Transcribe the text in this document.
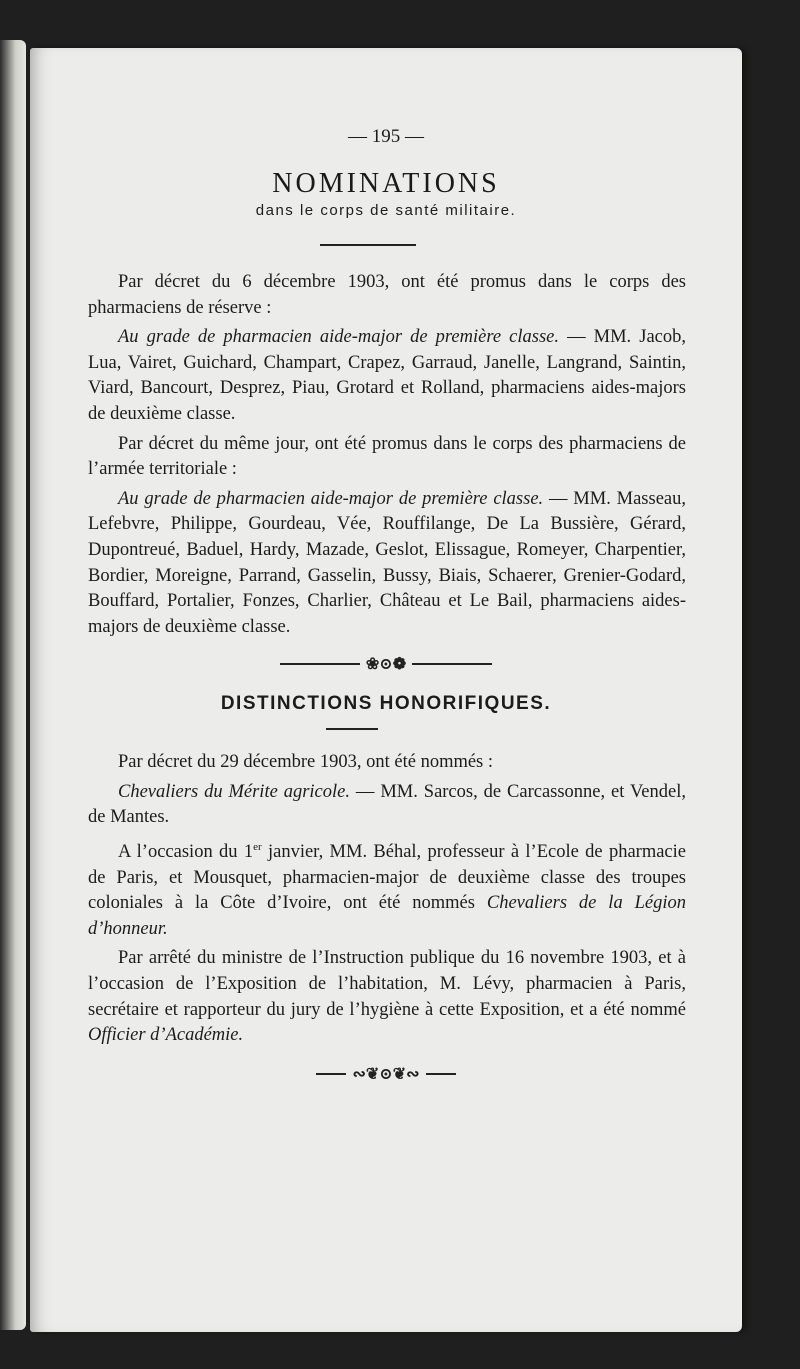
— 195 —
NOMINATIONS
dans le corps de santé militaire.

Par décret du 6 décembre 1903, ont été promus dans le corps des pharmaciens de réserve :

Au grade de pharmacien aide-major de première classe. — MM. Jacob, Lua, Vairet, Guichard, Champart, Crapez, Garraud, Janelle, Langrand, Saintin, Viard, Bancourt, Desprez, Piau, Grotard et Rolland, pharmaciens aides-majors de deuxième classe.

Par décret du même jour, ont été promus dans le corps des pharmaciens de l’armée territoriale :

Au grade de pharmacien aide-major de première classe. — MM. Masseau, Lefebvre, Philippe, Gourdeau, Vée, Rouffilange, De La Bussière, Gérard, Dupontreué, Baduel, Hardy, Mazade, Geslot, Elissague, Romeyer, Charpentier, Bordier, Moreigne, Parrand, Gasselin, Bussy, Biais, Schaerer, Grenier-Godard, Bouffard, Portalier, Fonzes, Charlier, Château et Le Bail, pharmaciens aides-majors de deuxième classe.

❀⊙❁
DISTINCTIONS HONORIFIQUES.

Par décret du 29 décembre 1903, ont été nommés :

Chevaliers du Mérite agricole. — MM. Sarcos, de Carcassonne, et Vendel, de Mantes.

A l’occasion du 1er janvier, MM. Béhal, professeur à l’Ecole de pharmacie de Paris, et Mousquet, pharmacien-major de deuxième classe des troupes coloniales à la Côte d’Ivoire, ont été nommés Chevaliers de la Légion d’honneur.

Par arrêté du ministre de l’Instruction publique du 16 novembre 1903, et à l’occasion de l’Exposition de l’habitation, M. Lévy, pharmacien à Paris, secrétaire et rapporteur du jury de l’hygiène à cette Exposition, et a été nommé Officier d’Académie.

∾❦⊙❦∾
